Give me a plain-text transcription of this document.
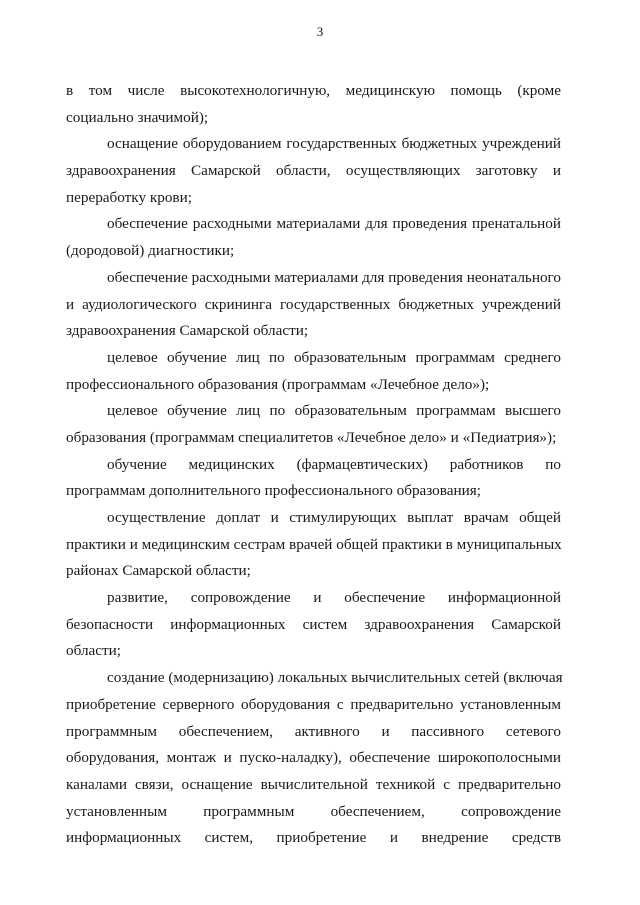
3
в том числе высокотехнологичную, медицинскую помощь (кроме
социально значимой);
оснащение оборудованием государственных бюджетных учреждений
здравоохранения Самарской области, осуществляющих заготовку и
переработку крови;
обеспечение расходными материалами для проведения пренатальной
(дородовой) диагностики;
обеспечение расходными материалами для проведения неонатального
и аудиологического скрининга государственных бюджетных учреждений
здравоохранения Самарской области;
целевое обучение лиц по образовательным программам среднего
профессионального образования (программам «Лечебное дело»);
целевое обучение лиц по образовательным программам высшего
образования (программам специалитетов «Лечебное дело» и «Педиатрия»);
обучение медицинских (фармацевтических) работников по
программам дополнительного профессионального образования;
осуществление доплат и стимулирующих выплат врачам общей
практики и медицинским сестрам врачей общей практики в муниципальных
районах Самарской области;
развитие, сопровождение и обеспечение информационной
безопасности информационных систем здравоохранения Самарской
области;
создание (модернизацию) локальных вычислительных сетей (включая
приобретение серверного оборудования с предварительно установленным
программным обеспечением, активного и пассивного сетевого
оборудования, монтаж и пуско-наладку), обеспечение широкополосными
каналами связи, оснащение вычислительной техникой с предварительно
установленным программным обеспечением, сопровождение
информационных систем, приобретение и внедрение средств
